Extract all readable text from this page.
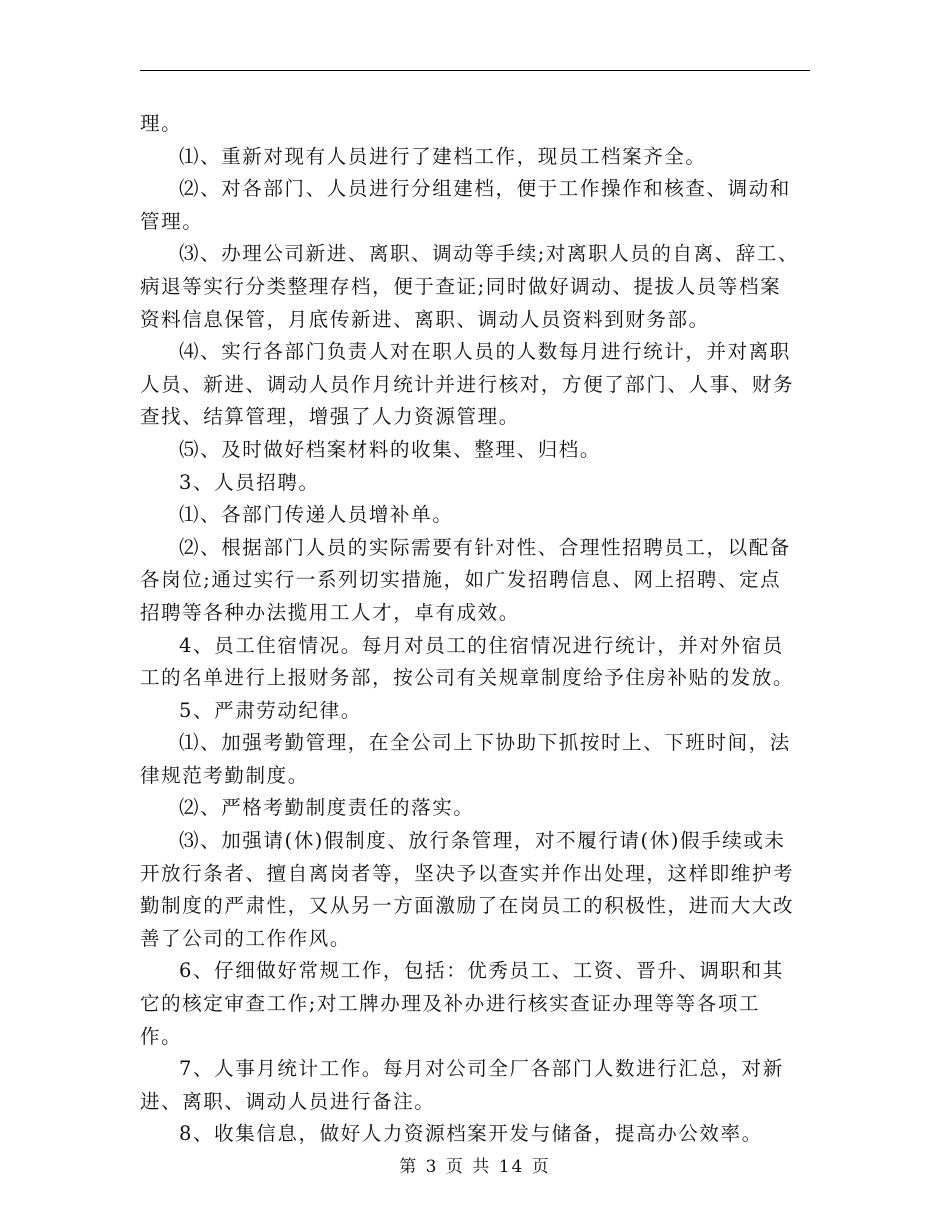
理。

⑴、重新对现有人员进行了建档工作，现员工档案齐全。

⑵、对各部门、人员进行分组建档，便于工作操作和核查、调动和管理。

⑶、办理公司新进、离职、调动等手续;对离职人员的自离、辞工、病退等实行分类整理存档，便于查证;同时做好调动、提拔人员等档案资料信息保管，月底传新进、离职、调动人员资料到财务部。

⑷、实行各部门负责人对在职人员的人数每月进行统计，并对离职人员、新进、调动人员作月统计并进行核对，方便了部门、人事、财务查找、结算管理，增强了人力资源管理。

⑸、及时做好档案材料的收集、整理、归档。

3、人员招聘。

⑴、各部门传递人员增补单。

⑵、根据部门人员的实际需要有针对性、合理性招聘员工，以配备各岗位;通过实行一系列切实措施，如广发招聘信息、网上招聘、定点招聘等各种办法揽用工人才，卓有成效。

4、员工住宿情况。每月对员工的住宿情况进行统计，并对外宿员工的名单进行上报财务部，按公司有关规章制度给予住房补贴的发放。

5、严肃劳动纪律。

⑴、加强考勤管理，在全公司上下协助下抓按时上、下班时间，法律规范考勤制度。

⑵、严格考勤制度责任的落实。

⑶、加强请(休)假制度、放行条管理，对不履行请(休)假手续或未开放行条者、擅自离岗者等，坚决予以查实并作出处理，这样即维护考勤制度的严肃性，又从另一方面激励了在岗员工的积极性，进而大大改善了公司的工作作风。

6、仔细做好常规工作，包括：优秀员工、工资、晋升、调职和其它的核定审查工作;对工牌办理及补办进行核实查证办理等等各项工作。

7、人事月统计工作。每月对公司全厂各部门人数进行汇总，对新进、离职、调动人员进行备注。

8、收集信息，做好人力资源档案开发与储备，提高办公效率。

第 3 页 共 14 页
